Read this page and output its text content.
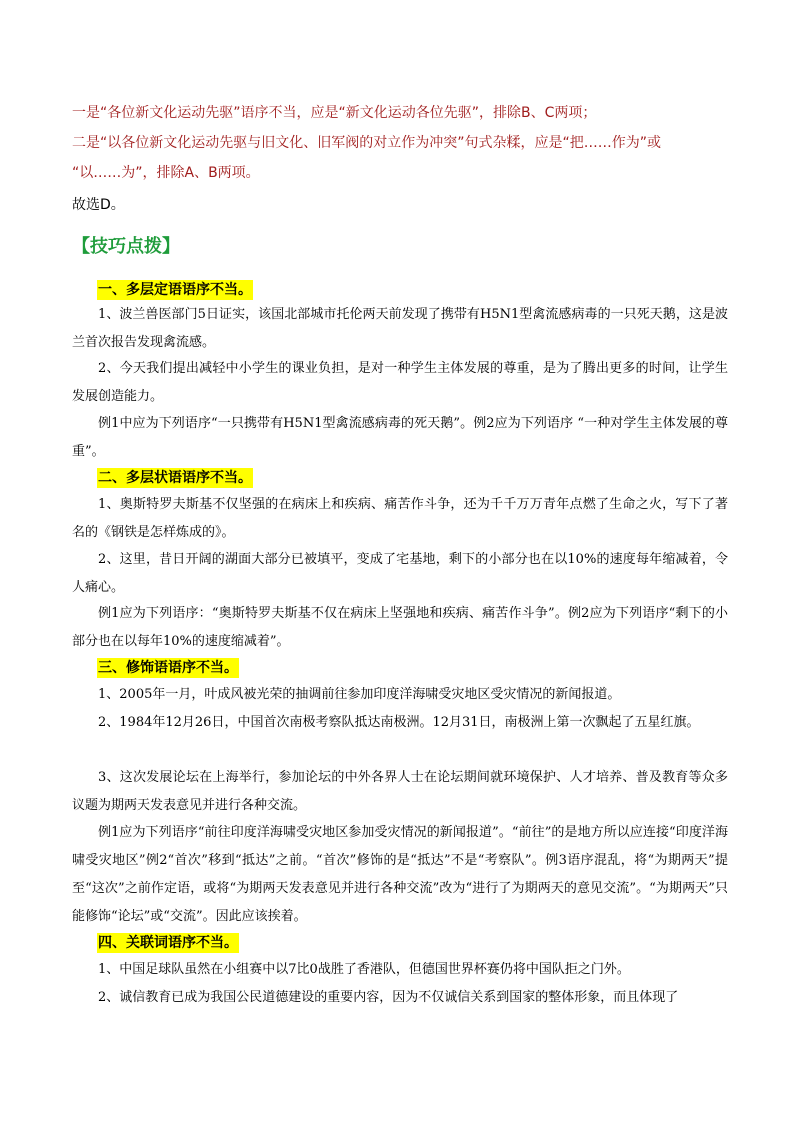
一是“各位新文化运动先驱”语序不当，应是“新文化运动各位先驱”，排除B、C两项；
二是“以各位新文化运动先驱与旧文化、旧军阀的对立作为冲突”句式杂糅，应是“把……作为”或
“以……为”，排除A、B两项。
故选D。
【技巧点拨】
一、多层定语语序不当。
1、波兰兽医部门5日证实，该国北部城市托伦两天前发现了携带有H5N1型禽流感病毒的一只死天鹅，这是波兰首次报告发现禽流感。
2、今天我们提出减轻中小学生的课业负担，是对一种学生主体发展的尊重，是为了腾出更多的时间，让学生发展创造能力。
例1中应为下列语序“一只携带有H5N1型禽流感病毒的死天鹅”。例2应为下列语序 “一种对学生主体发展的尊重”。
二、多层状语语序不当。
1、奥斯特罗夫斯基不仅坚强的在病床上和疾病、痛苦作斗争，还为千千万万青年点燃了生命之火，写下了著名的《钢铁是怎样炼成的》。
2、这里，昔日开阔的湖面大部分已被填平，变成了宅基地，剩下的小部分也在以10%的速度每年缩减着，令人痛心。
例1应为下列语序：“奥斯特罗夫斯基不仅在病床上坚强地和疾病、痛苦作斗争”。例2应为下列语序“剩下的小部分也在以每年10%的速度缩减着”。
三、修饰语语序不当。
1、2005年一月，叶成风被光荣的抽调前往参加印度洋海啸受灾地区受灾情况的新闻报道。
2、1984年12月26日，中国首次南极考察队抵达南极洲。12月31日，南极洲上第一次飘起了五星红旗。
3、这次发展论坛在上海举行，参加论坛的中外各界人士在论坛期间就环境保护、人才培养、普及教育等众多议题为期两天发表意见并进行各种交流。
例1应为下列语序“前往印度洋海啸受灾地区参加受灾情况的新闻报道”。“前往”的是地方所以应连接“印度洋海啸受灾地区”例2“首次”移到“抵达”之前。“首次”修饰的是“抵达”不是“考察队”。例3语序混乱，将“为期两天”提至“这次”之前作定语，或将“为期两天发表意见并进行各种交流”改为“进行了为期两天的意见交流”。“为期两天”只能修饰“论坛”或“交流”。因此应该挨着。
四、关联词语序不当。
1、中国足球队虽然在小组赛中以7比0战胜了香港队，但德国世界杯赛仍将中国队拒之门外。
2、诚信教育已成为我国公民道德建设的重要内容，因为不仅诚信关系到国家的整体形象，而且体现了
